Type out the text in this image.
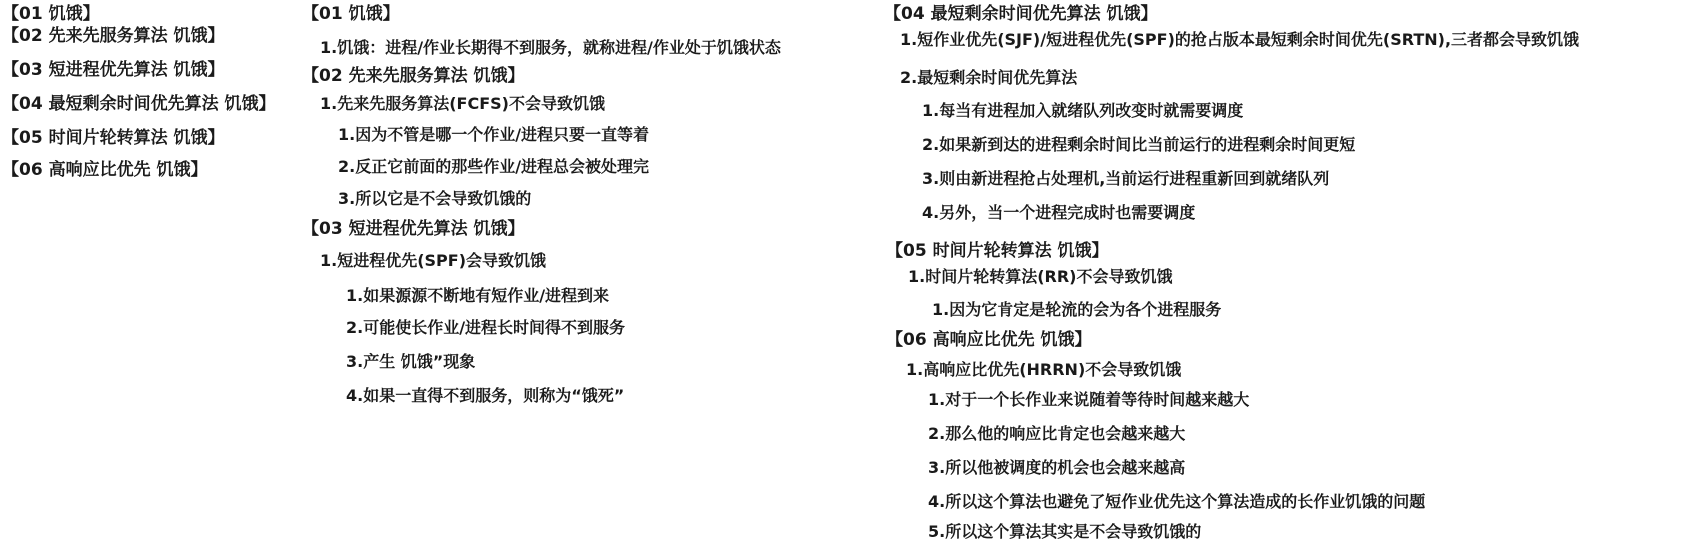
【01 饥饿】
【02 先来先服务算法 饥饿】
【03 短进程优先算法 饥饿】
【04 最短剩余时间优先算法 饥饿】
【05 时间片轮转算法 饥饿】
【06 高响应比优先 饥饿】
【01 饥饿】
1.饥饿：进程/作业长期得不到服务，就称进程/作业处于饥饿状态
【02 先来先服务算法 饥饿】
1.先来先服务算法(FCFS)不会导致饥饿
1.因为不管是哪一个作业/进程只要一直等着
2.反正它前面的那些作业/进程总会被处理完
3.所以它是不会导致饥饿的
【03 短进程优先算法 饥饿】
1.短进程优先(SPF)会导致饥饿
1.如果源源不断地有短作业/进程到来
2.可能使长作业/进程长时间得不到服务
3.产生 饥饿”现象
4.如果一直得不到服务，则称为“饿死”
【04 最短剩余时间优先算法 饥饿】
1.短作业优先(SJF)/短进程优先(SPF)的抢占版本最短剩余时间优先(SRTN),三者都会导致饥饿
2.最短剩余时间优先算法
1.每当有进程加入就绪队列改变时就需要调度
2.如果新到达的进程剩余时间比当前运行的进程剩余时间更短
3.则由新进程抢占处理机,当前运行进程重新回到就绪队列
4.另外，当一个进程完成时也需要调度
【05 时间片轮转算法 饥饿】
1.时间片轮转算法(RR)不会导致饥饿
1.因为它肯定是轮流的会为各个进程服务
【06 高响应比优先 饥饿】
1.高响应比优先(HRRN)不会导致饥饿
1.对于一个长作业来说随着等待时间越来越大
2.那么他的响应比肯定也会越来越大
3.所以他被调度的机会也会越来越高
4.所以这个算法也避免了短作业优先这个算法造成的长作业饥饿的问题
5.所以这个算法其实是不会导致饥饿的
